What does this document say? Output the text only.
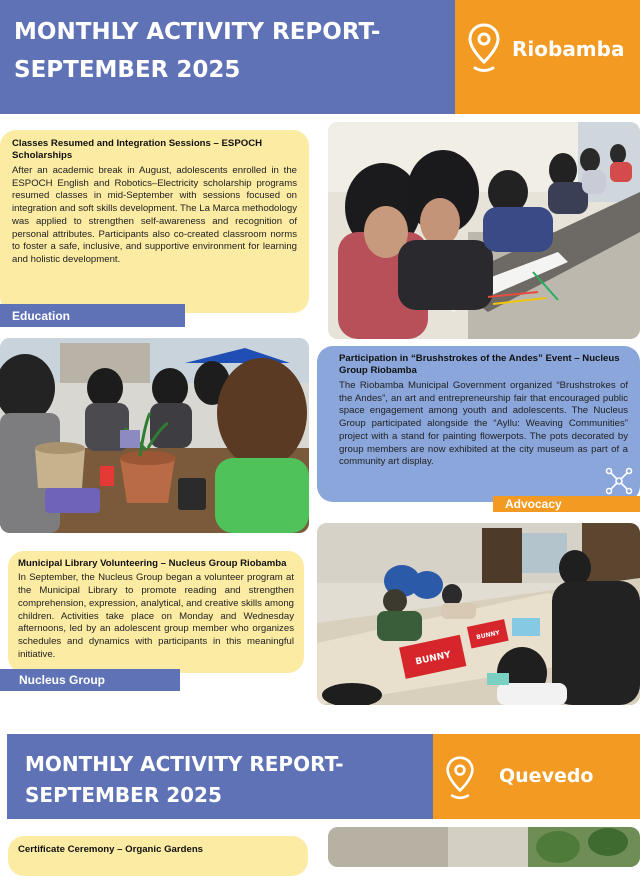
MONTHLY ACTIVITY REPORT-
SEPTEMBER 2025
Riobamba
Classes Resumed and Integration Sessions – ESPOCH Scholarships

After an academic break in August, adolescents enrolled in the ESPOCH English and Robotics–Electricity scholarship programs resumed classes in mid-September with sessions focused on integration and soft skills development. The La Marca methodology was applied to strengthen self-awareness and recognition of personal attributes. Participants also co-created classroom norms to foster a safe, inclusive, and supportive environment for learning and holistic development.

Education
Participation in “Brushstrokes of the Andes” Event – Nucleus Group Riobamba

The Riobamba Municipal Government organized “Brushstrokes of the Andes”, an art and entrepreneurship fair that encouraged public space engagement among youth and adolescents. The Nucleus Group participated alongside the “Ayllu: Weaving Communities” project with a stand for painting flowerpots. The pots decorated by group members are now exhibited at the city museum as part of a community art display.

Advocacy
BUNNY
BUNNY
Municipal Library Volunteering – Nucleus Group Riobamba

In September, the Nucleus Group began a volunteer program at the Municipal Library to promote reading and strengthen comprehension, expression, analytical, and creative skills among children. Activities take place on Monday and Wednesday afternoons, led by an adolescent group member who organizes schedules and dynamics with participants in this meaningful initiative.

Nucleus Group
MONTHLY ACTIVITY REPORT-
SEPTEMBER 2025
Quevedo
Certificate Ceremony – Organic Gardens
